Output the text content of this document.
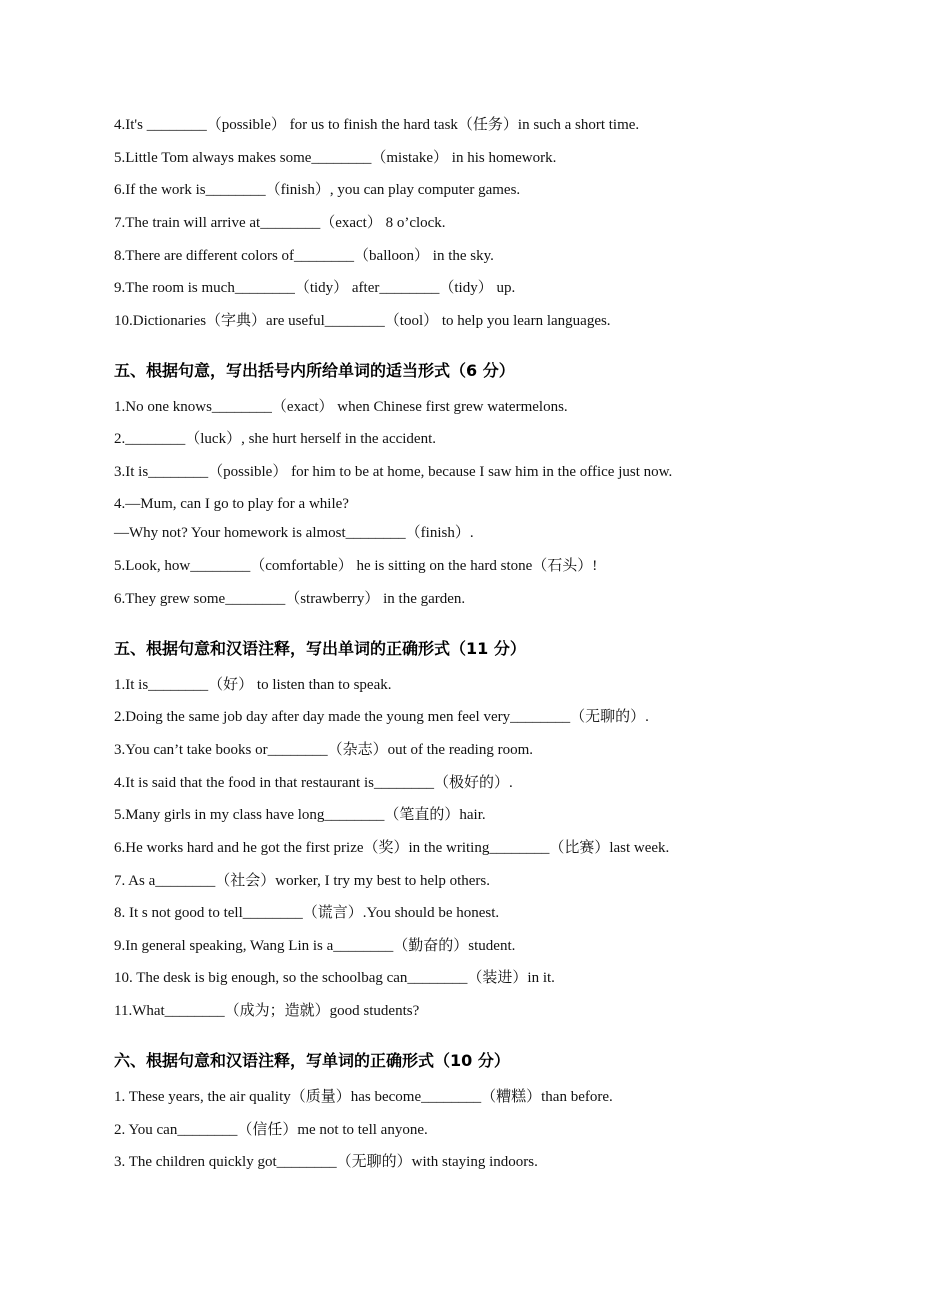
4.It's ________（possible） for us to finish the hard task（任务）in such a short time.
5.Little Tom always makes some________（mistake） in his homework.
6.If the work is________（finish）, you can play computer games.
7.The train will arrive at________（exact） 8 o’clock.
8.There are different colors of________（balloon） in the sky.
9.The room is much________（tidy） after________（tidy） up.
10.Dictionaries（字典）are useful________（tool） to help you learn languages.
五、根据句意，写出括号内所给单词的适当形式（6 分）
1.No one knows________（exact） when Chinese first grew watermelons.
2.________（luck）, she hurt herself in the accident.
3.It is________（possible） for him to be at home, because I saw him in the office just now.
4.—Mum, can I go to play for a while?
—Why not? Your homework is almost________（finish）.
5.Look, how________（comfortable） he is sitting on the hard stone（石头）!
6.They grew some________（strawberry） in the garden.
五、根据句意和汉语注释，写出单词的正确形式（11 分）
1.It is________（好） to listen than to speak.
2.Doing the same job day after day made the young men feel very________（无聊的）.
3.You can’t take books or________（杂志）out of the reading room.
4.It is said that the food in that restaurant is________（极好的）.
5.Many girls in my class have long________（笔直的）hair.
6.He works hard and he got the first prize（奖）in the writing________（比赛）last week.
7. As a________（社会）worker, I try my best to help others.
8. It s not good to tell________（谎言）.You should be honest.
9.In general speaking, Wang Lin is a________（勤奋的）student.
10. The desk is big enough, so the schoolbag can________（装进）in it.
11.What________（成为；造就）good students?
六、根据句意和汉语注释，写单词的正确形式（10 分）
1. These years, the air quality（质量）has become________（糟糕）than before.
2. You can________（信任）me not to tell anyone.
3. The children quickly got________（无聊的）with staying indoors.
